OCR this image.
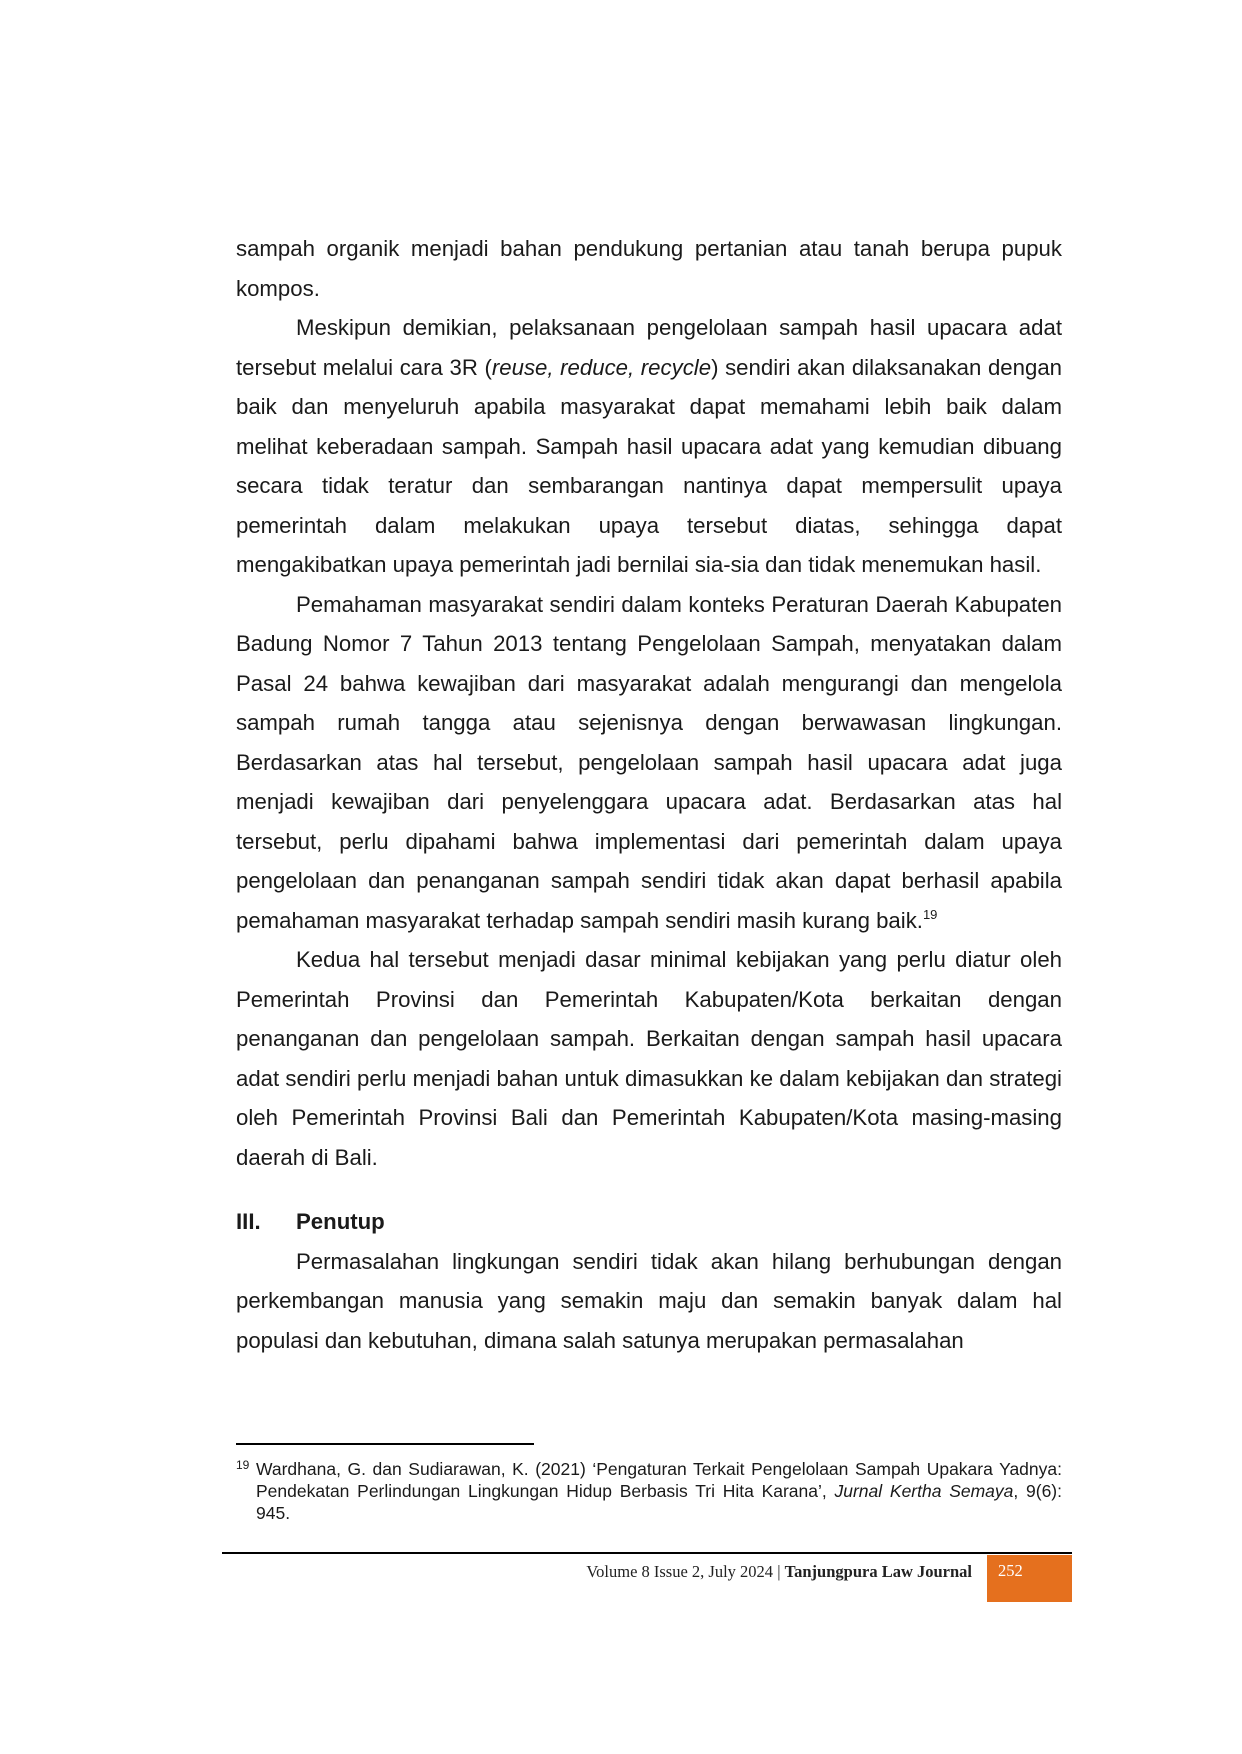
sampah organik menjadi bahan pendukung pertanian atau tanah berupa pupuk kompos.

Meskipun demikian, pelaksanaan pengelolaan sampah hasil upacara adat tersebut melalui cara 3R (reuse, reduce, recycle) sendiri akan dilaksanakan dengan baik dan menyeluruh apabila masyarakat dapat memahami lebih baik dalam melihat keberadaan sampah. Sampah hasil upacara adat yang kemudian dibuang secara tidak teratur dan sembarangan nantinya dapat mempersulit upaya pemerintah dalam melakukan upaya tersebut diatas, sehingga dapat mengakibatkan upaya pemerintah jadi bernilai sia-sia dan tidak menemukan hasil.

Pemahaman masyarakat sendiri dalam konteks Peraturan Daerah Kabupaten Badung Nomor 7 Tahun 2013 tentang Pengelolaan Sampah, menyatakan dalam Pasal 24 bahwa kewajiban dari masyarakat adalah mengurangi dan mengelola sampah rumah tangga atau sejenisnya dengan berwawasan lingkungan. Berdasarkan atas hal tersebut, pengelolaan sampah hasil upacara adat juga menjadi kewajiban dari penyelenggara upacara adat. Berdasarkan atas hal tersebut, perlu dipahami bahwa implementasi dari pemerintah dalam upaya pengelolaan dan penanganan sampah sendiri tidak akan dapat berhasil apabila pemahaman masyarakat terhadap sampah sendiri masih kurang baik.$^{19}$

Kedua hal tersebut menjadi dasar minimal kebijakan yang perlu diatur oleh Pemerintah Provinsi dan Pemerintah Kabupaten/Kota berkaitan dengan penanganan dan pengelolaan sampah. Berkaitan dengan sampah hasil upacara adat sendiri perlu menjadi bahan untuk dimasukkan ke dalam kebijakan dan strategi oleh Pemerintah Provinsi Bali dan Pemerintah Kabupaten/Kota masing-masing daerah di Bali.

III.	Penutup

Permasalahan lingkungan sendiri tidak akan hilang berhubungan dengan perkembangan manusia yang semakin maju dan semakin banyak dalam hal populasi dan kebutuhan, dimana salah satunya merupakan permasalahan

19 Wardhana, G. dan Sudiarawan, K. (2021) ‘Pengaturan Terkait Pengelolaan Sampah Upakara Yadnya: Pendekatan Perlindungan Lingkungan Hidup Berbasis Tri Hita Karana’, Jurnal Kertha Semaya, 9(6): 945.
Volume 8 Issue 2, July 2024 | Tanjungpura Law Journal 252
